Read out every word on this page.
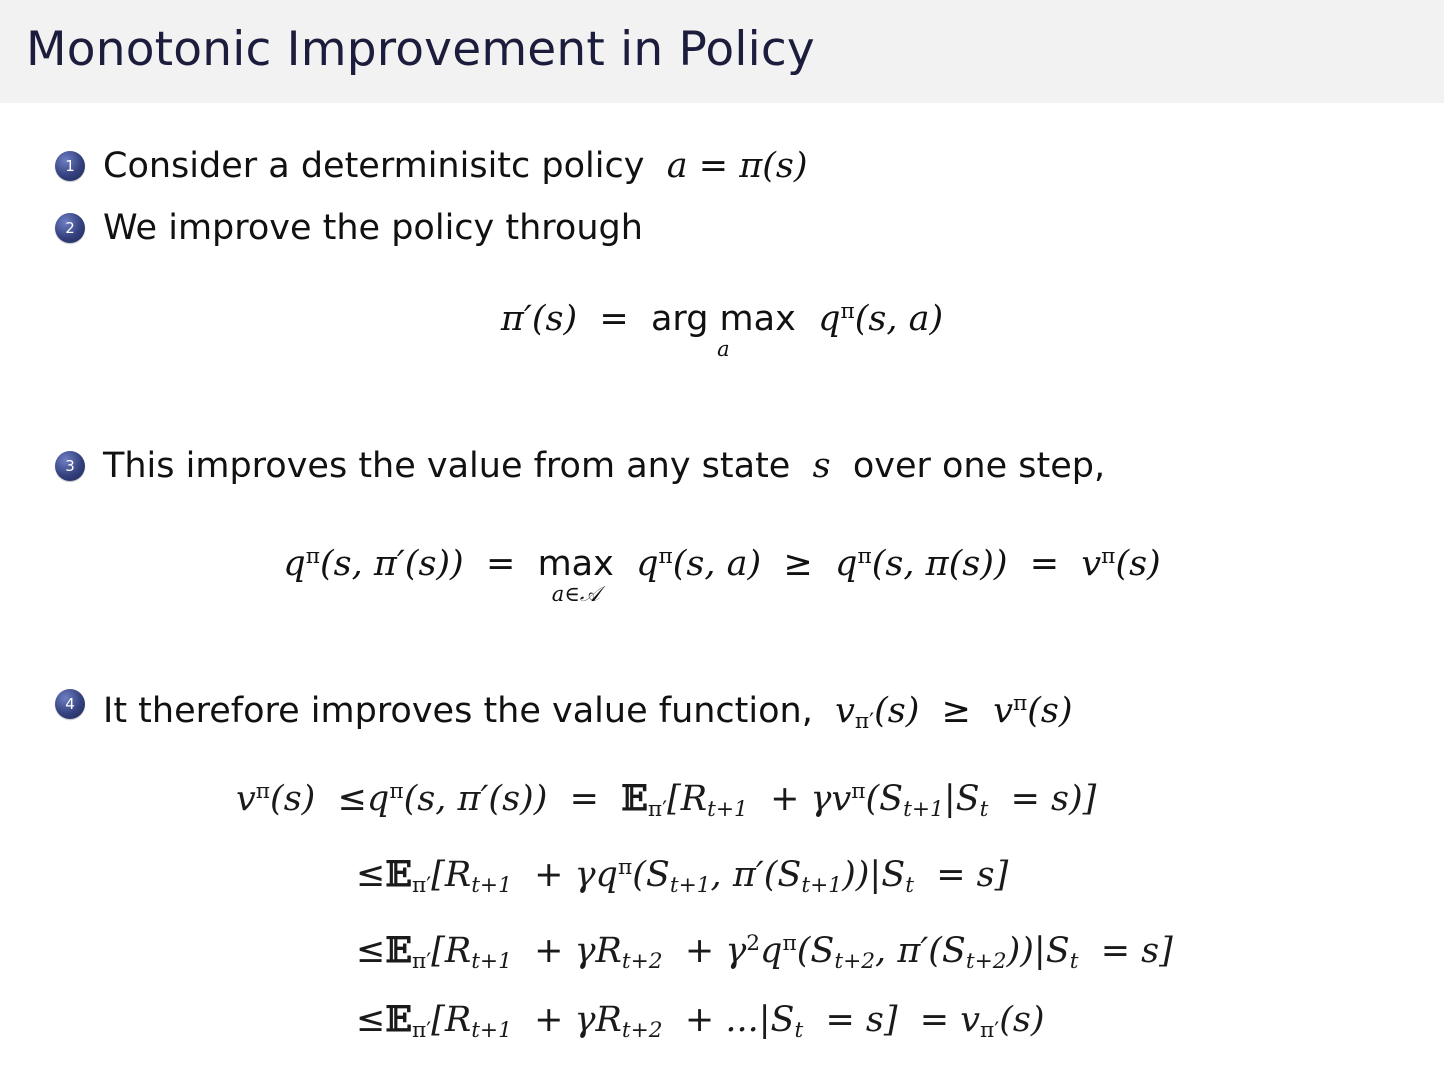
Monotonic Improvement in Policy
1 Consider a determinisitc policy  a = π(s)
2 We improve the policy through
π′(s)  = arg max
a
$q^\pi(s$, a)
3 This improves the value from any state  s  over one step,
$q^\pi(s$, π′(s))  = max
a∈𝒜
$q^\pi(s$, $a) \ge q^\pi(s$, $\pi(s)) = v^\pi(s)$
4 It therefore improves the value function,  $v_{\pi'}(s) \ge v^\pi(s)$
$v^\pi(s) \le q^\pi(s$, $\pi'(s)) = 𝔼_{\pi'}[R_{t+1} + \gamma v^\pi(S_{t+1}|S_t = s)]$
$\le 𝔼_{\pi'}[R_{t+1} + \gamma q^\pi(S_{t+1}$, $\pi'(S_{t+1}))|S_t = s$]
$\le 𝔼_{\pi'}[R_{t+1} + \gamma R_{t+2} + \gamma^2q^\pi(S_{t+2}$, $\pi'(S_{t+2}))|S_t = s$]
$\le 𝔼_{\pi'}[R_{t+1} + \gamma R_{t+2} + ...|S_t = s] = v_{\pi'}(s)$
